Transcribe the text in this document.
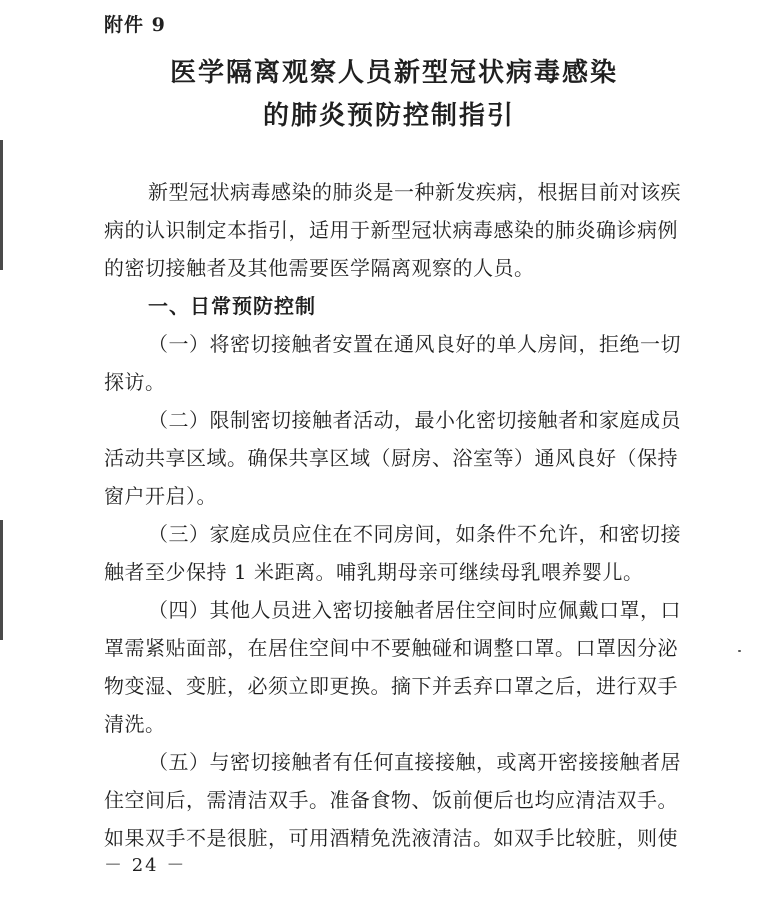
附件 9
医学隔离观察人员新型冠状病毒感染
的肺炎预防控制指引
新型冠状病毒感染的肺炎是一种新发疾病，根据目前对该疾
病的认识制定本指引，适用于新型冠状病毒感染的肺炎确诊病例
的密切接触者及其他需要医学隔离观察的人员。
一、日常预防控制
（一）将密切接触者安置在通风良好的单人房间，拒绝一切
探访。
（二）限制密切接触者活动，最小化密切接触者和家庭成员
活动共享区域。确保共享区域（厨房、浴室等）通风良好（保持
窗户开启）。
（三）家庭成员应住在不同房间，如条件不允许，和密切接
触者至少保持 1 米距离。哺乳期母亲可继续母乳喂养婴儿。
（四）其他人员进入密切接触者居住空间时应佩戴口罩，口
罩需紧贴面部，在居住空间中不要触碰和调整口罩。口罩因分泌
物变湿、变脏，必须立即更换。摘下并丢弃口罩之后，进行双手
清洗。
（五）与密切接触者有任何直接接触，或离开密接接触者居
住空间后，需清洁双手。准备食物、饭前便后也均应清洁双手。
如果双手不是很脏，可用酒精免洗液清洁。如双手比较脏，则使
－ 24 －
